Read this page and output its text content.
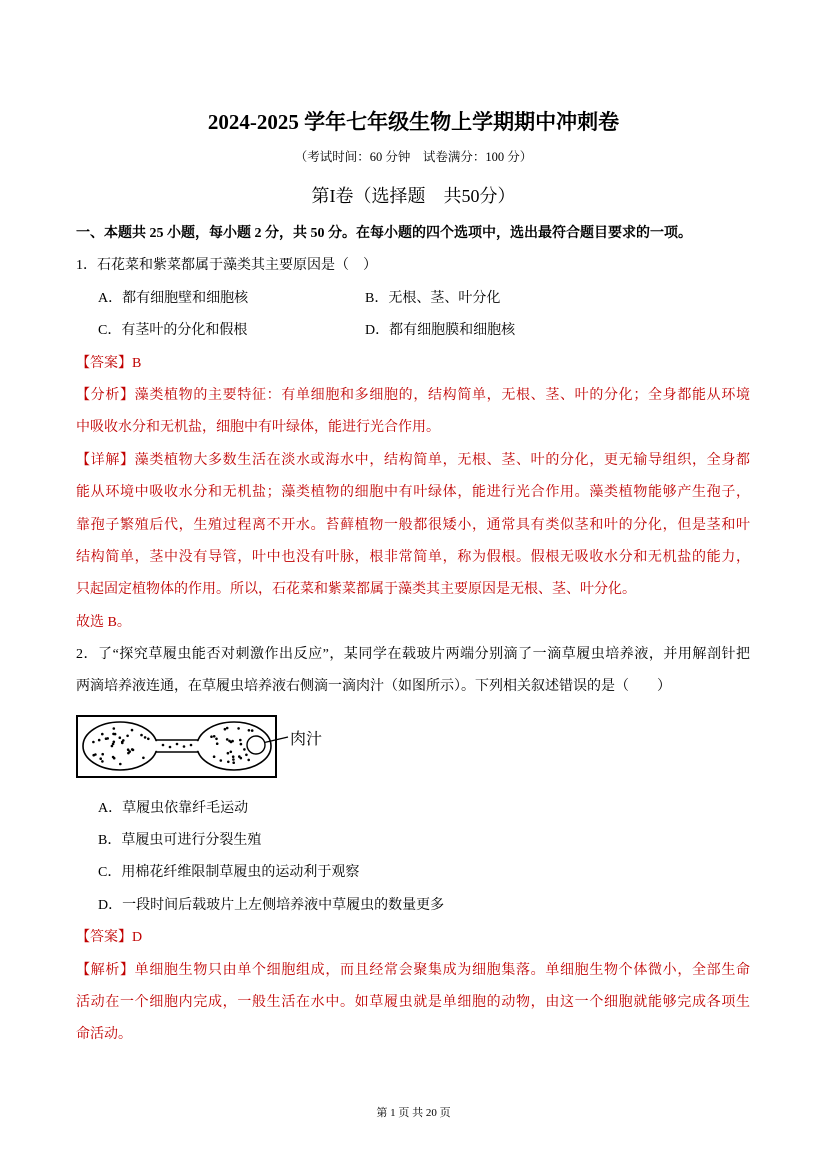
2024-2025 学年七年级生物上学期期中冲刺卷
（考试时间：60 分钟　试卷满分：100 分）
第I卷（选择题　共50分）
一、本题共 25 小题，每小题 2 分，共 50 分。在每小题的四个选项中，选出最符合题目要求的一项。
1．石花菜和紫菜都属于藻类其主要原因是（　）
A．都有细胞壁和细胞核	B．无根、茎、叶分化
C．有茎叶的分化和假根	D．都有细胞膜和细胞核
【答案】B
【分析】藻类植物的主要特征：有单细胞和多细胞的，结构简单，无根、茎、叶的分化；全身都能从环境
中吸收水分和无机盐，细胞中有叶绿体，能进行光合作用。
【详解】藻类植物大多数生活在淡水或海水中，结构简单，无根、茎、叶的分化，更无输导组织，全身都
能从环境中吸收水分和无机盐；藻类植物的细胞中有叶绿体，能进行光合作用。藻类植物能够产生孢子，
靠孢子繁殖后代，生殖过程离不开水。苔藓植物一般都很矮小，通常具有类似茎和叶的分化，但是茎和叶
结构简单，茎中没有导管，叶中也没有叶脉，根非常简单，称为假根。假根无吸收水分和无机盐的能力，
只起固定植物体的作用。所以，石花菜和紫菜都属于藻类其主要原因是无根、茎、叶分化。
故选 B。
2．了“探究草履虫能否对刺激作出反应”，某同学在载玻片两端分别滴了一滴草履虫培养液，并用解剖针把
两滴培养液连通，在草履虫培养液右侧滴一滴肉汁（如图所示）。下列相关叙述错误的是（　　）
肉汁
A．草履虫依靠纤毛运动
B．草履虫可进行分裂生殖
C．用棉花纤维限制草履虫的运动利于观察
D．一段时间后载玻片上左侧培养液中草履虫的数量更多
【答案】D
【解析】单细胞生物只由单个细胞组成，而且经常会聚集成为细胞集落。单细胞生物个体微小，全部生命
活动在一个细胞内完成，一般生活在水中。如草履虫就是单细胞的动物，由这一个细胞就能够完成各项生
命活动。
第 1 页 共 20 页
